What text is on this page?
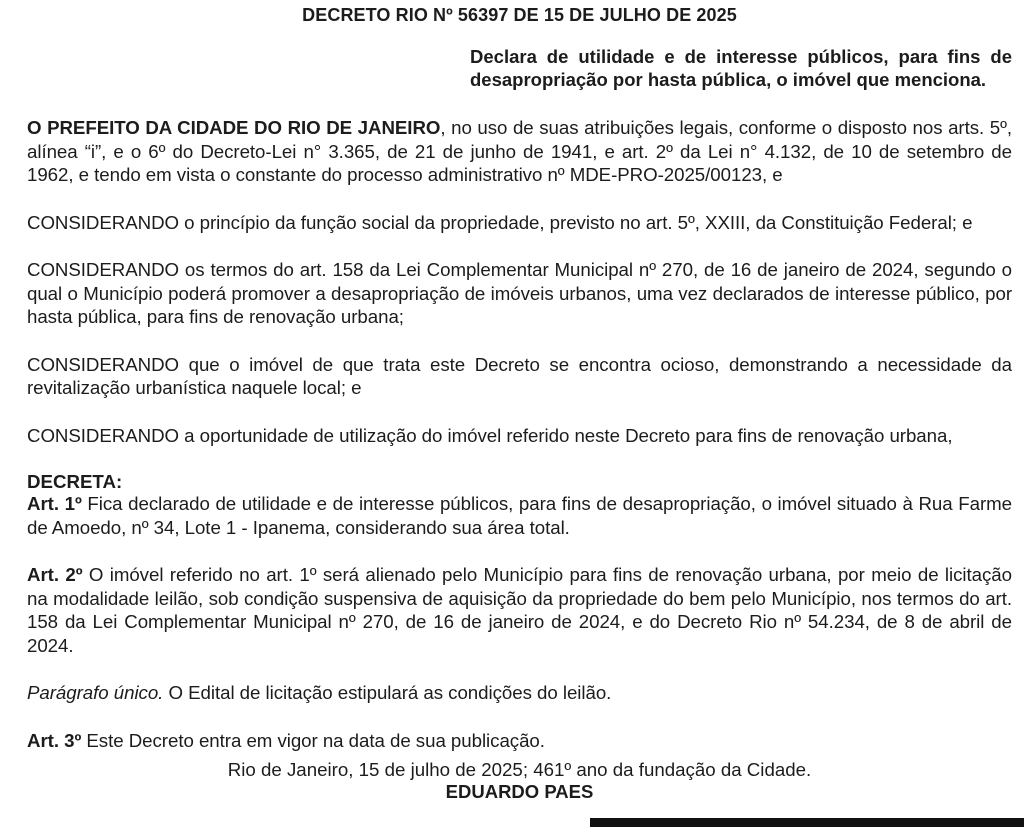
DECRETO RIO Nº 56397 DE 15 DE JULHO DE 2025
Declara de utilidade e de interesse públicos, para fins de
desapropriação por hasta pública, o imóvel que menciona.

O PREFEITO DA CIDADE DO RIO DE JANEIRO, no uso de suas atribuições legais, conforme o disposto nos arts. 5º, alínea “i”, e o 6º do Decreto-Lei n° 3.365, de 21 de junho de 1941, e art. 2º da Lei n° 4.132, de 10 de setembro de 1962, e tendo em vista o constante do processo administrativo nº MDE-PRO-2025/00123, e

CONSIDERANDO o princípio da função social da propriedade, previsto no art. 5º, XXIII, da Constituição Federal; e

CONSIDERANDO os termos do art. 158 da Lei Complementar Municipal nº 270, de 16 de janeiro de 2024, segundo o qual o Município poderá promover a desapropriação de imóveis urbanos, uma vez declarados de interesse público, por hasta pública, para fins de renovação urbana;

CONSIDERANDO que o imóvel de que trata este Decreto se encontra ocioso, demonstrando a necessidade da revitalização urbanística naquele local; e

CONSIDERANDO a oportunidade de utilização do imóvel referido neste Decreto para fins de renovação urbana,

DECRETA:

Art. 1º Fica declarado de utilidade e de interesse públicos, para fins de desapropriação, o imóvel situado à Rua Farme de Amoedo, nº 34, Lote 1 - Ipanema, considerando sua área total.

Art. 2º O imóvel referido no art. 1º será alienado pelo Município para fins de renovação urbana, por meio de licitação na modalidade leilão, sob condição suspensiva de aquisição da propriedade do bem pelo Município, nos termos do art. 158 da Lei Complementar Municipal nº 270, de 16 de janeiro de 2024, e do Decreto Rio nº 54.234, de 8 de abril de 2024.

Parágrafo único. O Edital de licitação estipulará as condições do leilão.

Art. 3º Este Decreto entra em vigor na data de sua publicação.

Rio de Janeiro, 15 de julho de 2025; 461º ano da fundação da Cidade.
EDUARDO PAES
